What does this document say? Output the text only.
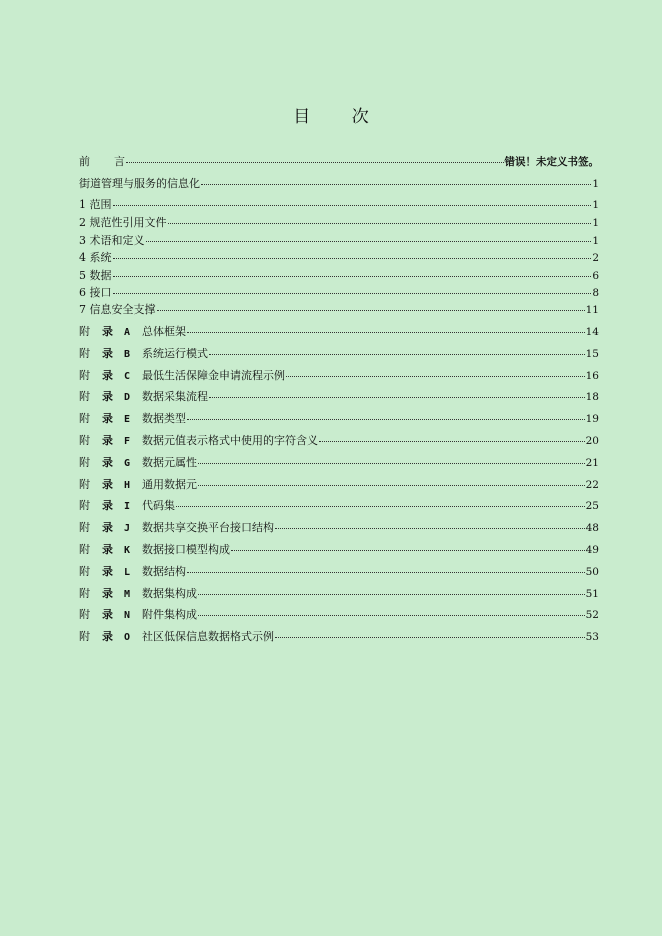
目 次
前 言	错误！未定义书签。
街道管理与服务的信息化	1
1 范围	1
2 规范性引用文件	1
3 术语和定义	1
4 系统	2
5 数据	6
6 接口	8
7 信息安全支撑	11
附 录 A 总体框架	14
附 录 B 系统运行模式	15
附 录 C 最低生活保障金申请流程示例	16
附 录 D 数据采集流程	18
附 录 E 数据类型	19
附 录 F 数据元值表示格式中使用的字符含义	20
附 录 G 数据元属性	21
附 录 H 通用数据元	22
附 录 I 代码集	25
附 录 J 数据共享交换平台接口结构	48
附 录 K 数据接口模型构成	49
附 录 L 数据结构	50
附 录 M 数据集构成	51
附 录 N 附件集构成	52
附 录 O 社区低保信息数据格式示例	53
